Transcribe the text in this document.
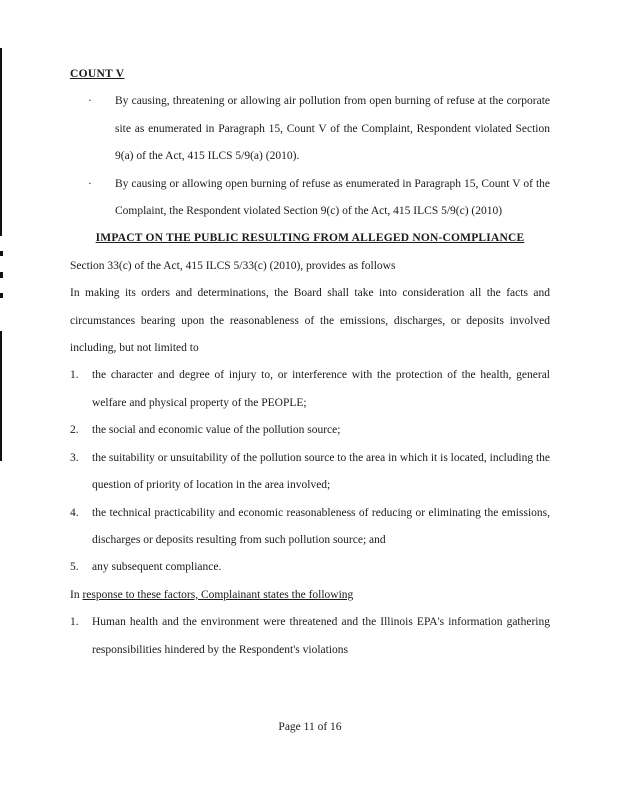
COUNT V
· By causing, threatening or allowing air pollution from open burning of refuse at the corporate site as enumerated in Paragraph 15, Count V of the Complaint, Respondent violated Section 9(a) of the Act, 415 ILCS 5/9(a) (2010).
· By causing or allowing open burning of refuse as enumerated in Paragraph 15, Count V of the Complaint, the Respondent violated Section 9(c) of the Act, 415 ILCS 5/9(c) (2010)
IMPACT ON THE PUBLIC RESULTING FROM ALLEGED NON-COMPLIANCE
Section 33(c) of the Act, 415 ILCS 5/33(c) (2010), provides as follows
In making its orders and determinations, the Board shall take into consideration all the facts and circumstances bearing upon the reasonableness of the emissions, discharges, or deposits involved including, but not limited to
1. the character and degree of injury to, or interference with the protection of the health, general welfare and physical property of the PEOPLE;
2. the social and economic value of the pollution source;
3. the suitability or unsuitability of the pollution source to the area in which it is located, including the question of priority of location in the area involved;
4. the technical practicability and economic reasonableness of reducing or eliminating the emissions, discharges or deposits resulting from such pollution source; and
5. any subsequent compliance.
In response to these factors, Complainant states the following
1. Human health and the environment were threatened and the Illinois EPA's information gathering responsibilities hindered by the Respondent's violations
Page 11 of 16
